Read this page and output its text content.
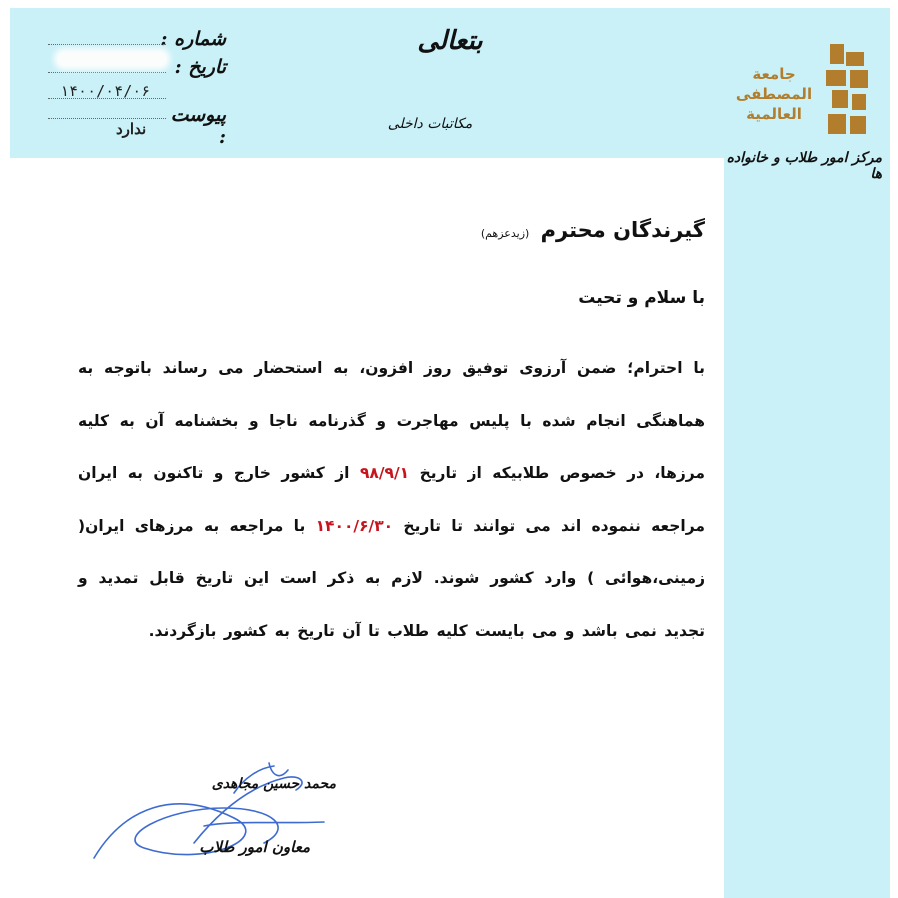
جامعة
المصطفى
العالمية
مرکز امور طلاب و خانواده ها
بتعالی
مکاتبات داخلی
شماره :
تاریخ :
۱۴۰۰/۰۴/۰۶
پیوست :
ندارد
گیرندگان محترم (زیدعزهم)
با سلام و تحیت
با احترام؛ ضمن آرزوی توفیق روز افزون، به استحضار می رساند باتوجه به هماهنگی انجام شده با پلیس مهاجرت و گذرنامه ناجا و بخشنامه آن به کلیه مرزها، در خصوص طلابیکه از تاریخ ۹۸/۹/۱ از کشور خارج و تاکنون به ایران مراجعه ننموده اند می توانند تا تاریخ ۱۴۰۰/۶/۳۰ با مراجعه به مرزهای ایران( زمینی،هوائی ) وارد کشور شوند. لازم به ذکر است این تاریخ قابل تمدید و تجدید نمی باشد و می بایست کلیه طلاب تا آن تاریخ به کشور بازگردند.
محمد حسین مجاهدی
معاون امور طلاب
